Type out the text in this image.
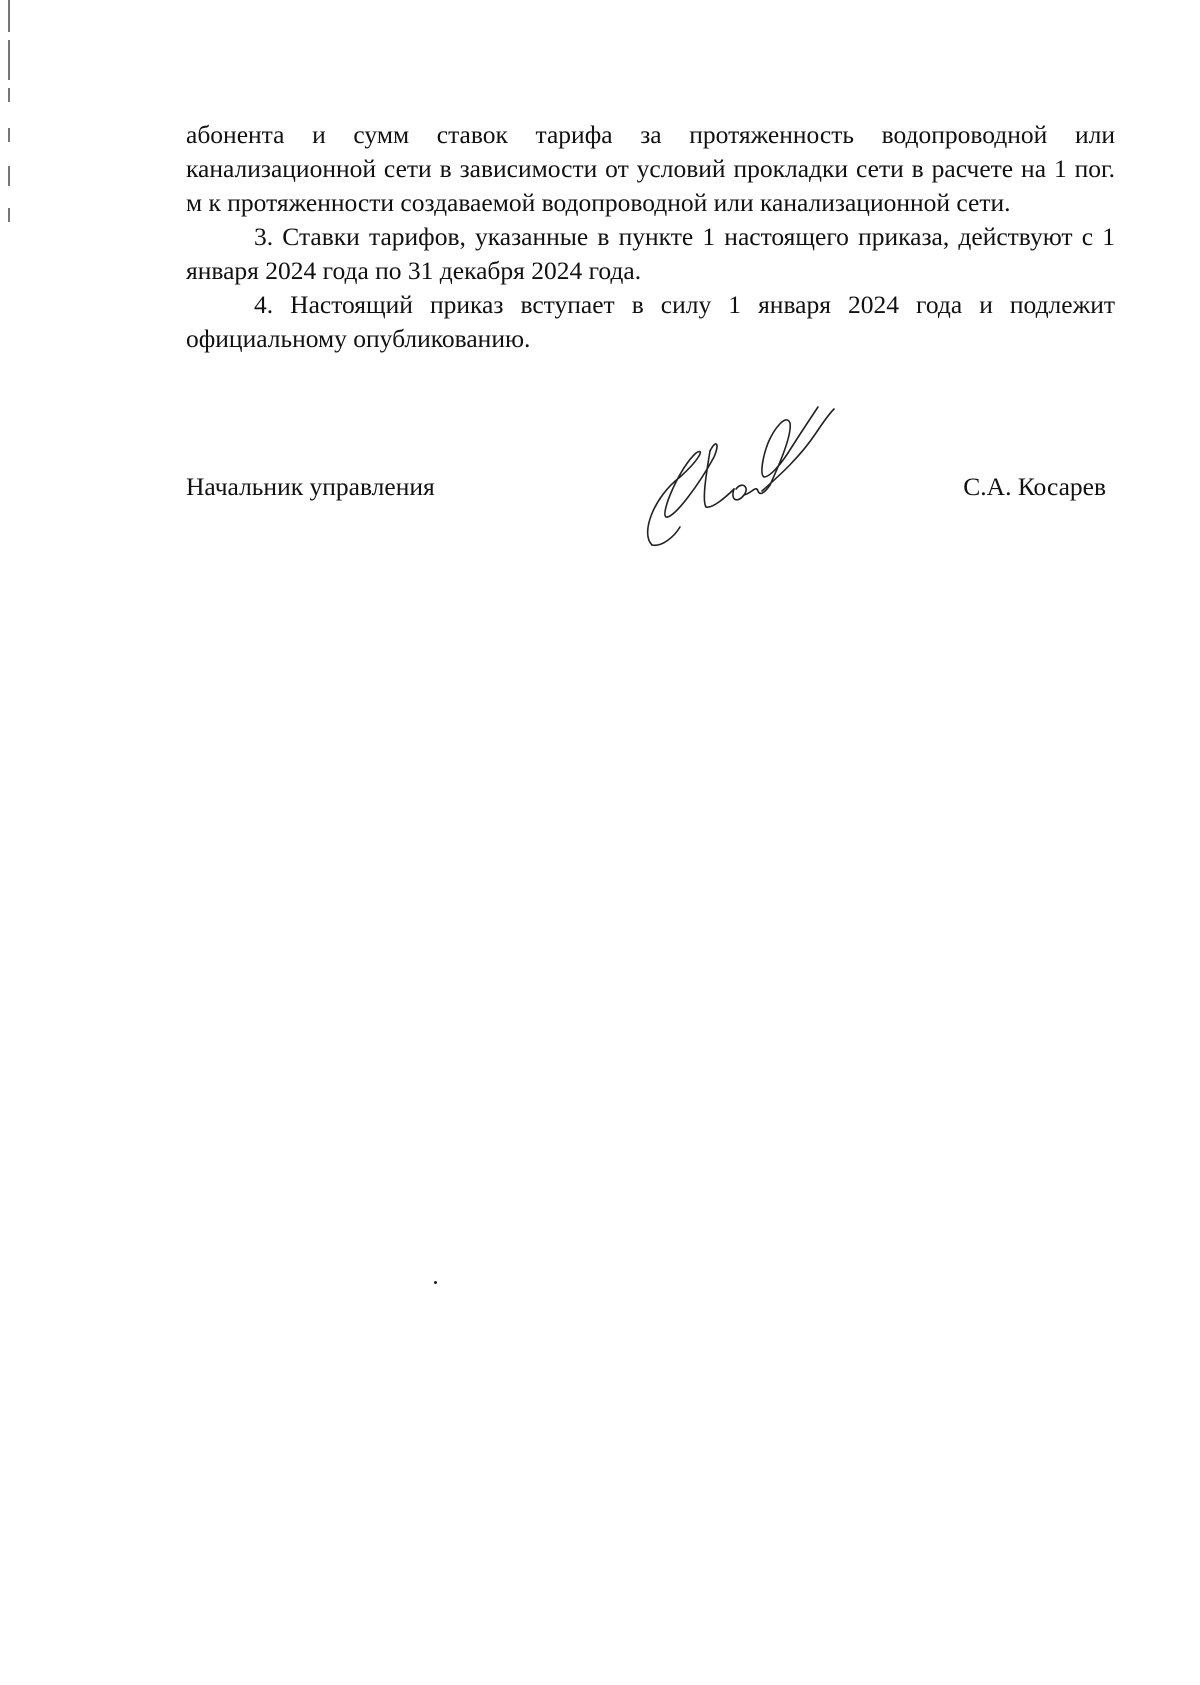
абонента и сумм ставок тарифа за протяженность водопроводной или канализационной сети в зависимости от условий прокладки сети в расчете на 1 пог. м к протяженности создаваемой водопроводной или канализационной сети.

3. Ставки тарифов, указанные в пункте 1 настоящего приказа, действуют с 1 января 2024 года по 31 декабря 2024 года.

4. Настоящий приказ вступает в силу 1 января 2024 года и подлежит официальному опубликованию.

Начальник управления	С.А. Косарев
